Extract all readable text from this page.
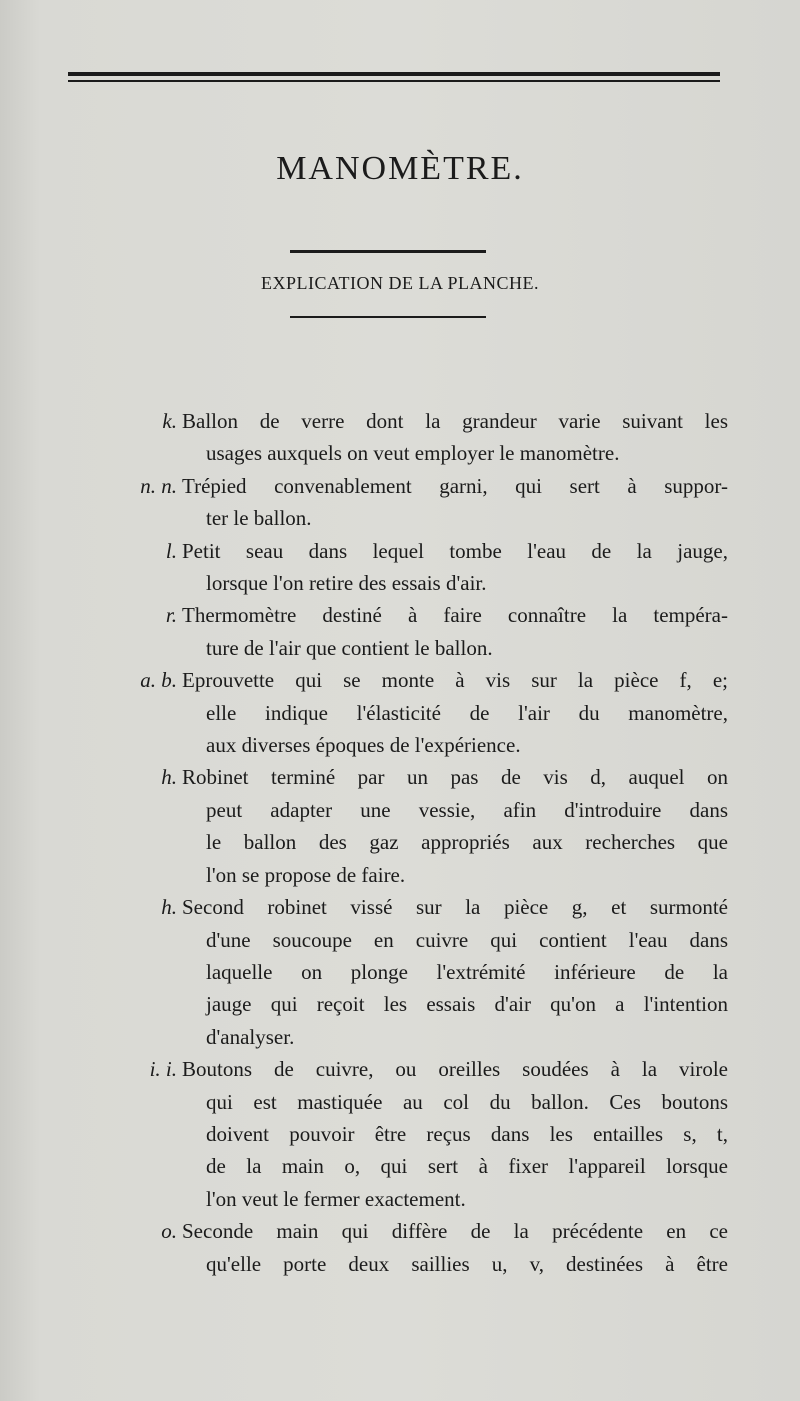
MANOMÈTRE.
EXPLICATION DE LA PLANCHE.
k. Ballon de verre dont la grandeur varie suivant les
usages auxquels on veut employer le manomètre.
n. n. Trépied convenablement garni, qui sert à suppor-
ter le ballon.
l. Petit seau dans lequel tombe l'eau de la jauge,
lorsque l'on retire des essais d'air.
r. Thermomètre destiné à faire connaître la tempéra-
ture de l'air que contient le ballon.
a. b. Eprouvette qui se monte à vis sur la pièce f, e;
elle indique l'élasticité de l'air du manomètre,
aux diverses époques de l'expérience.
h. Robinet terminé par un pas de vis d, auquel on
peut adapter une vessie, afin d'introduire dans
le ballon des gaz appropriés aux recherches que
l'on se propose de faire.
h. Second robinet vissé sur la pièce g, et surmonté
d'une soucoupe en cuivre qui contient l'eau dans
laquelle on plonge l'extrémité inférieure de la
jauge qui reçoit les essais d'air qu'on a l'intention
d'analyser.
i. i. Boutons de cuivre, ou oreilles soudées à la virole
qui est mastiquée au col du ballon. Ces boutons
doivent pouvoir être reçus dans les entailles s, t,
de la main o, qui sert à fixer l'appareil lorsque
l'on veut le fermer exactement.
o. Seconde main qui diffère de la précédente en ce
qu'elle porte deux saillies u, v, destinées à être
